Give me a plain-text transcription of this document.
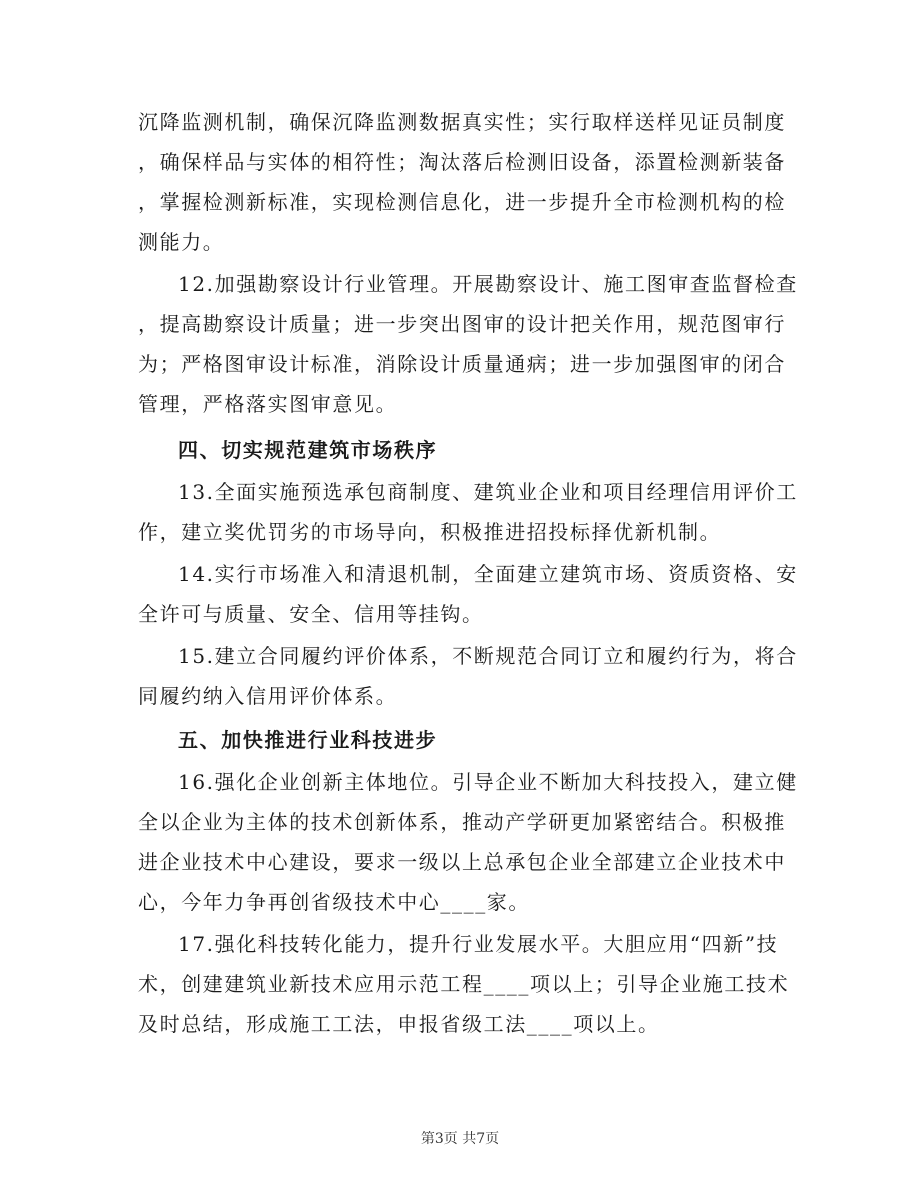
沉降监测机制，确保沉降监测数据真实性；实行取样送样见证员制度
，确保样品与实体的相符性；淘汰落后检测旧设备，添置检测新装备
，掌握检测新标准，实现检测信息化，进一步提升全市检测机构的检
测能力。
12.加强勘察设计行业管理。开展勘察设计、施工图审查监督检查
，提高勘察设计质量；进一步突出图审的设计把关作用，规范图审行
为；严格图审设计标准，消除设计质量通病；进一步加强图审的闭合
管理，严格落实图审意见。
四、切实规范建筑市场秩序
13.全面实施预选承包商制度、建筑业企业和项目经理信用评价工
作，建立奖优罚劣的市场导向，积极推进招投标择优新机制。
14.实行市场准入和清退机制，全面建立建筑市场、资质资格、安
全许可与质量、安全、信用等挂钩。
15.建立合同履约评价体系，不断规范合同订立和履约行为，将合
同履约纳入信用评价体系。
五、加快推进行业科技进步
16.强化企业创新主体地位。引导企业不断加大科技投入，建立健
全以企业为主体的技术创新体系，推动产学研更加紧密结合。积极推
进企业技术中心建设，要求一级以上总承包企业全部建立企业技术中
心，今年力争再创省级技术中心____家。
17.强化科技转化能力，提升行业发展水平。大胆应用“四新”技
术，创建建筑业新技术应用示范工程____项以上；引导企业施工技术
及时总结，形成施工工法，申报省级工法____项以上。
第3页 共7页
